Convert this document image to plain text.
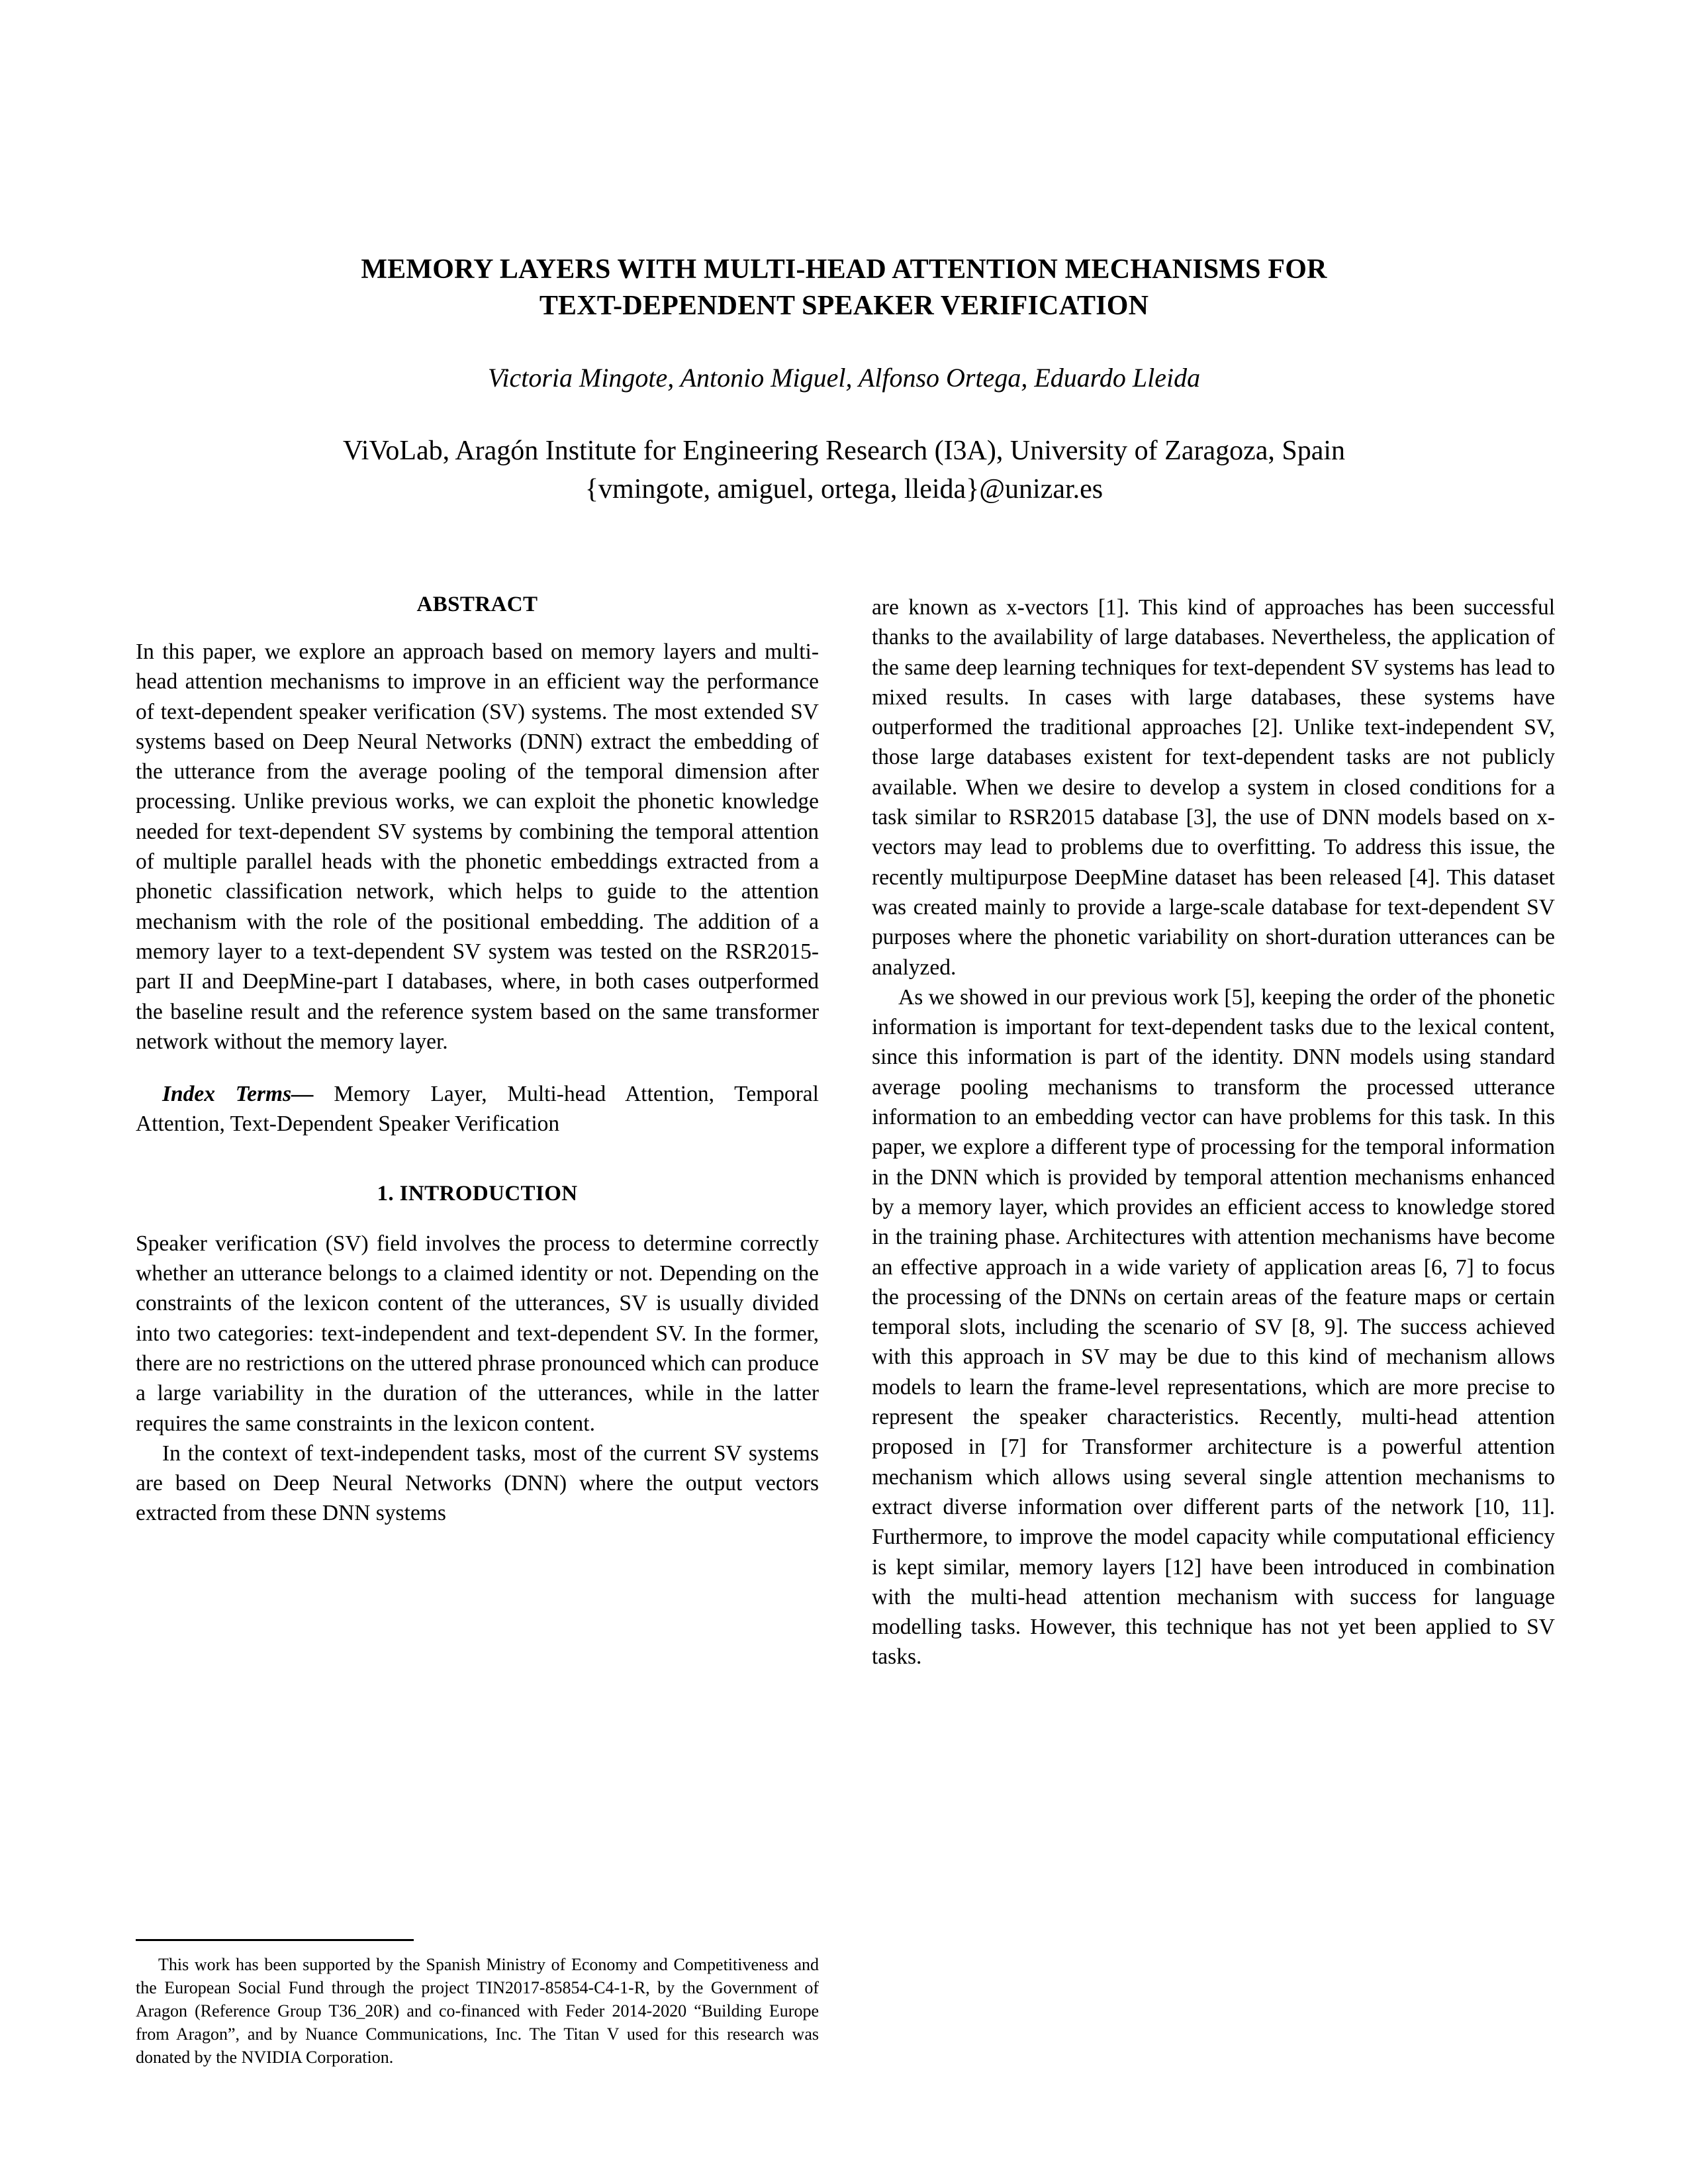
MEMORY LAYERS WITH MULTI-HEAD ATTENTION MECHANISMS FOR
TEXT-DEPENDENT SPEAKER VERIFICATION
Victoria Mingote, Antonio Miguel, Alfonso Ortega, Eduardo Lleida
ViVoLab, Aragón Institute for Engineering Research (I3A), University of Zaragoza, Spain
{vmingote, amiguel, ortega, lleida}@unizar.es
ABSTRACT

In this paper, we explore an approach based on memory layers and multi-head attention mechanisms to improve in an efficient way the performance of text-dependent speaker verification (SV) systems. The most extended SV systems based on Deep Neural Networks (DNN) extract the embedding of the utterance from the average pooling of the temporal dimension after processing. Unlike previous works, we can exploit the phonetic knowledge needed for text-dependent SV systems by combining the temporal attention of multiple parallel heads with the phonetic embeddings extracted from a phonetic classification network, which helps to guide to the attention mechanism with the role of the positional embedding. The addition of a memory layer to a text-dependent SV system was tested on the RSR2015-part II and DeepMine-part I databases, where, in both cases outperformed the baseline result and the reference system based on the same transformer network without the memory layer.

Index Terms— Memory Layer, Multi-head Attention, Temporal Attention, Text-Dependent Speaker Verification

1. INTRODUCTION

Speaker verification (SV) field involves the process to determine correctly whether an utterance belongs to a claimed identity or not. Depending on the constraints of the lexicon content of the utterances, SV is usually divided into two categories: text-independent and text-dependent SV. In the former, there are no restrictions on the uttered phrase pronounced which can produce a large variability in the duration of the utterances, while in the latter requires the same constraints in the lexicon content.

In the context of text-independent tasks, most of the current SV systems are based on Deep Neural Networks (DNN) where the output vectors extracted from these DNN systems

This work has been supported by the Spanish Ministry of Economy and Competitiveness and the European Social Fund through the project TIN2017-85854-C4-1-R, by the Government of Aragon (Reference Group T36_20R) and co-financed with Feder 2014-2020 “Building Europe from Aragon”, and by Nuance Communications, Inc. The Titan V used for this research was donated by the NVIDIA Corporation.

are known as x-vectors [1]. This kind of approaches has been successful thanks to the availability of large databases. Nevertheless, the application of the same deep learning techniques for text-dependent SV systems has lead to mixed results. In cases with large databases, these systems have outperformed the traditional approaches [2]. Unlike text-independent SV, those large databases existent for text-dependent tasks are not publicly available. When we desire to develop a system in closed conditions for a task similar to RSR2015 database [3], the use of DNN models based on x-vectors may lead to problems due to overfitting. To address this issue, the recently multipurpose DeepMine dataset has been released [4]. This dataset was created mainly to provide a large-scale database for text-dependent SV purposes where the phonetic variability on short-duration utterances can be analyzed.

As we showed in our previous work [5], keeping the order of the phonetic information is important for text-dependent tasks due to the lexical content, since this information is part of the identity. DNN models using standard average pooling mechanisms to transform the processed utterance information to an embedding vector can have problems for this task. In this paper, we explore a different type of processing for the temporal information in the DNN which is provided by temporal attention mechanisms enhanced by a memory layer, which provides an efficient access to knowledge stored in the training phase. Architectures with attention mechanisms have become an effective approach in a wide variety of application areas [6, 7] to focus the processing of the DNNs on certain areas of the feature maps or certain temporal slots, including the scenario of SV [8, 9]. The success achieved with this approach in SV may be due to this kind of mechanism allows models to learn the frame-level representations, which are more precise to represent the speaker characteristics. Recently, multi-head attention proposed in [7] for Transformer architecture is a powerful attention mechanism which allows using several single attention mechanisms to extract diverse information over different parts of the network [10, 11]. Furthermore, to improve the model capacity while computational efficiency is kept similar, memory layers [12] have been introduced in combination with the multi-head attention mechanism with success for language modelling tasks. However, this technique has not yet been applied to SV tasks.
